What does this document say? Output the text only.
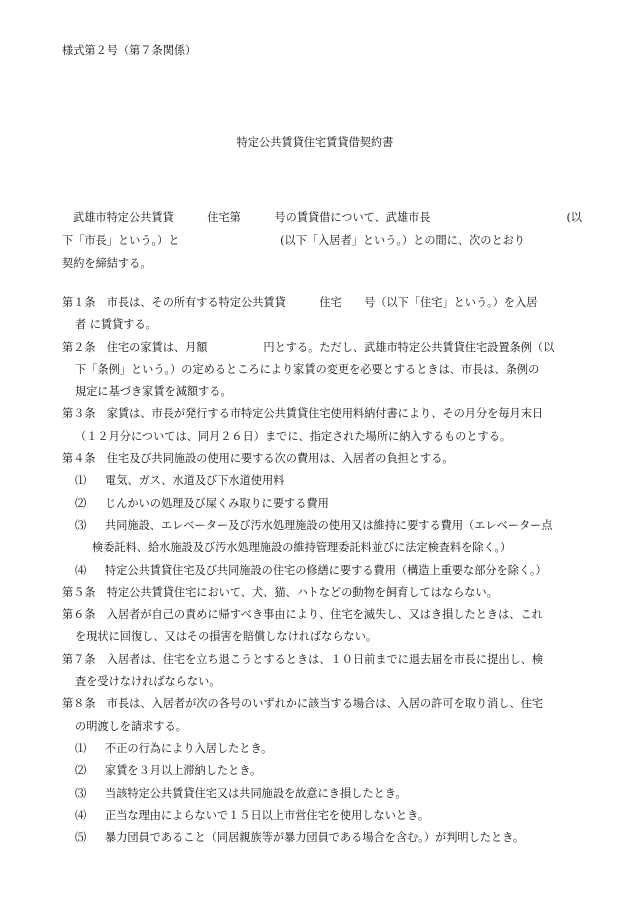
様式第２号（第７条関係）
特定公共賃貸住宅賃貸借契約書
武雄市特定公共賃貸　　　住宅第　　　号の賃貸借について、武雄市長	(以
下「市長」という。）と　　　　　　　　　(以下「入居者」という。）との間に、次のとおり
契約を締結する。
第１条　市長は、その所有する特定公共賃貸　　　住宅　　号（以下「住宅」という。）を入居
者 に賃貸する。
第２条　住宅の家賃は、月額　　　　　円とする。ただし、武雄市特定公共賃貸住宅設置条例（以
下「条例」という。）の定めるところにより家賃の変更を必要とするときは、市長は、条例の
規定に基づき家賃を減額する。
第３条　家賃は、市長が発行する市特定公共賃貸住宅使用料納付書により、その月分を毎月末日
（１２月分については、同月２６日）までに、指定された場所に納入するものとする。
第４条　住宅及び共同施設の使用に要する次の費用は、入居者の負担とする。
⑴ 電気、ガス、水道及び下水道使用料
⑵ じんかいの処理及び屎くみ取りに要する費用
⑶ 共同施設、エレベーター及び汚水処理施設の使用又は維持に要する費用（エレベーター点
検委託料、給水施設及び汚水処理施設の維持管理委託料並びに法定検査料を除く。）
⑷ 特定公共賃貸住宅及び共同施設の住宅の修繕に要する費用（構造上重要な部分を除く。）
第５条　特定公共賃貸住宅において、犬、猫、ハトなどの動物を飼育してはならない。
第６条　入居者が自己の責めに帰すべき事由により、住宅を滅失し、又はき損したときは、これ
を現状に回復し、又はその損害を賠償しなければならない。
第７条　入居者は、住宅を立ち退こうとするときは、１０日前までに退去届を市長に提出し、検
査を受けなければならない。
第８条　市長は、入居者が次の各号のいずれかに該当する場合は、入居の許可を取り消し、住宅
の明渡しを請求する。
⑴ 不正の行為により入居したとき。
⑵ 家賃を３月以上滞納したとき。
⑶ 当該特定公共賃貸住宅又は共同施設を故意にき損したとき。
⑷ 正当な理由によらないで１５日以上市営住宅を使用しないとき。
⑸ 暴力団員であること（同居親族等が暴力団員である場合を含む。）が判明したとき。
